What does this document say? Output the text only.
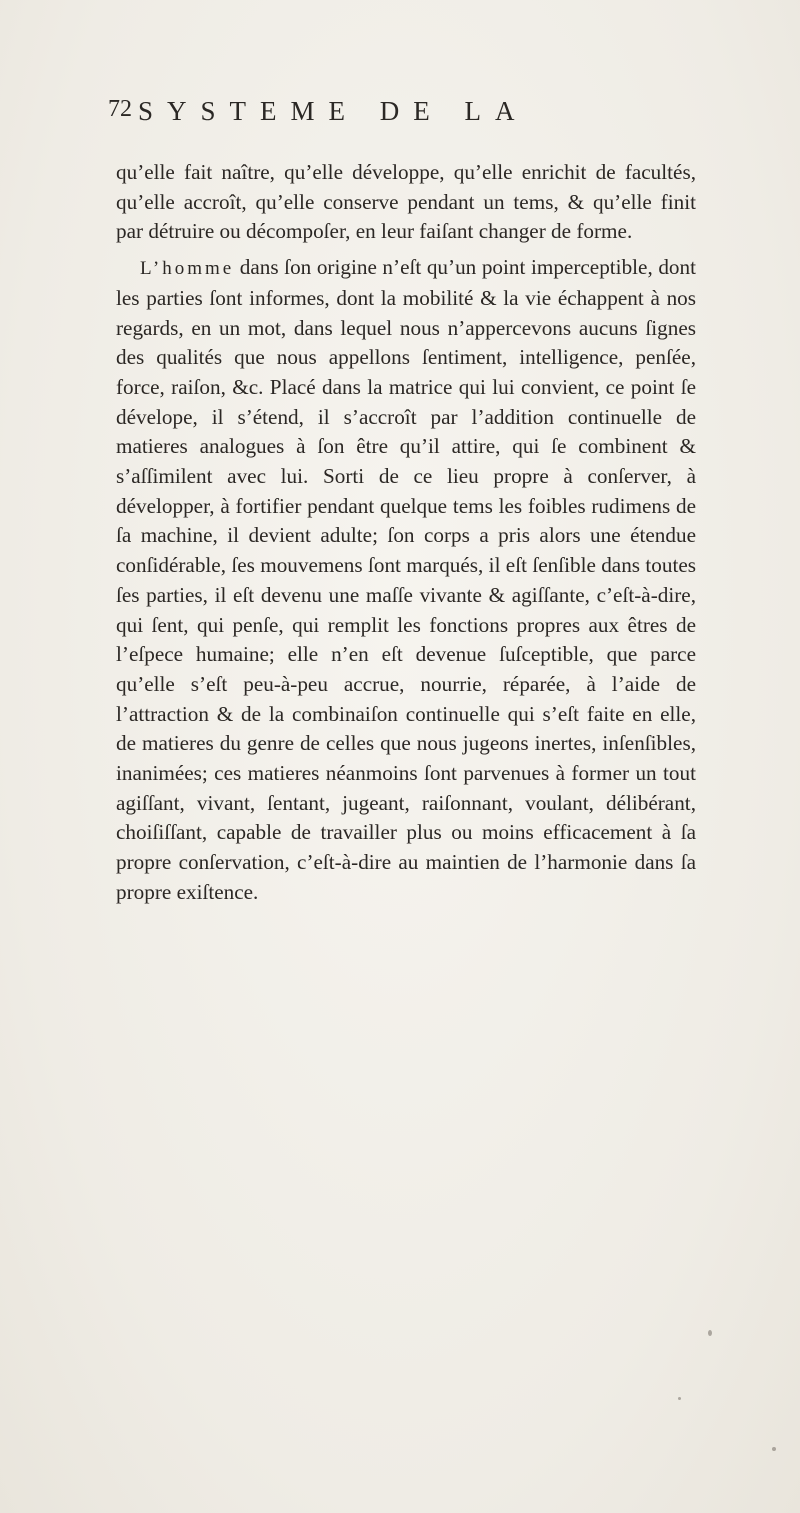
72 SYSTEME DE LA

qu’elle fait naître, qu’elle développe, qu’elle enrichit de facultés, qu’elle accroît, qu’elle conserve pendant un tems, & qu’elle finit par détruire ou décompoſer, en leur faiſant changer de forme.

L’homme dans ſon origine n’eſt qu’un point imperceptible, dont les parties ſont informes, dont la mobilité & la vie échappent à nos regards, en un mot, dans lequel nous n’appercevons aucuns ſignes des qualités que nous appellons ſentiment, intelligence, penſée, force, raiſon, &c. Placé dans la matrice qui lui convient, ce point ſe dévelope, il s’étend, il s’accroît par l’addition continuelle de matieres analogues à ſon être qu’il attire, qui ſe combinent & s’aſſimilent avec lui. Sorti de ce lieu propre à conſerver, à développer, à fortifier pendant quelque tems les foibles rudimens de ſa machine, il devient adulte; ſon corps a pris alors une étendue conſidérable, ſes mouvemens ſont marqués, il eſt ſenſible dans toutes ſes parties, il eſt devenu une maſſe vivante & agiſſante, c’eſt-à-dire, qui ſent, qui penſe, qui remplit les fonctions propres aux êtres de l’eſpece humaine; elle n’en eſt devenue ſuſceptible, que parce qu’elle s’eſt peu-à-peu accrue, nourrie, réparée, à l’aide de l’attraction & de la combinaiſon continuelle qui s’eſt faite en elle, de matieres du genre de celles que nous jugeons inertes, inſenſibles, inanimées; ces matieres néanmoins ſont parvenues à former un tout agiſſant, vivant, ſentant, jugeant, raiſonnant, voulant, délibérant, choiſiſſant, capable de travailler plus ou moins efficacement à ſa propre conſervation, c’eſt-à-dire au maintien de l’harmonie dans ſa propre exiſtence.
